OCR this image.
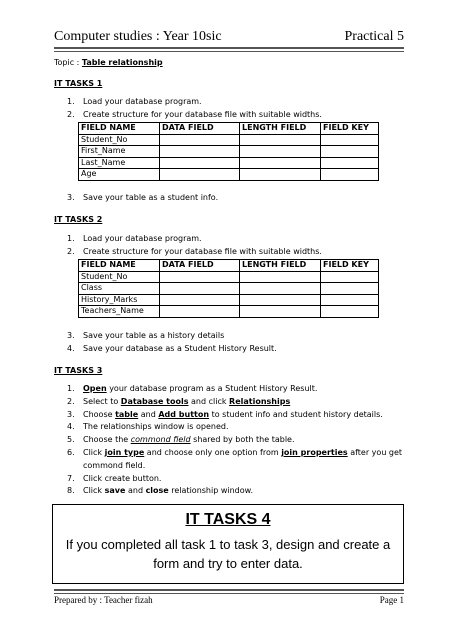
Computer studies : Year 10sic	Practical 5
Topic : Table relationship
IT TASKS 1
1. Load your database program.
2. Create structure for your database file with suitable widths.
FIELD NAME	DATA FIELD	LENGTH FIELD	FIELD KEY
Student_No			
First_Name			
Last_Name			
Age			
3. Save your table as a student info.
IT TASKS 2
1. Load your database program.
2. Create structure for your database file with suitable widths.
FIELD NAME	DATA FIELD	LENGTH FIELD	FIELD KEY
Student_No			
Class			
History_Marks			
Teachers_Name			
3. Save your table as a history details
4. Save your database as a Student History Result.
IT TASKS 3
1. Open your database program as a Student History Result.
2. Select to Database tools and click Relationships
3. Choose table and Add button to student info and student history details.
4. The relationships window is opened.
5. Choose the commond field shared by both the table.
6. Click join type and choose only one option from join properties after you get
commond field.
7. Click create button.
8. Click save and close relationship window.
IT TASKS 4
If you completed all task 1 to task 3, design and create a form and try to enter data.
Prepared by : Teacher fizah	Page 1
